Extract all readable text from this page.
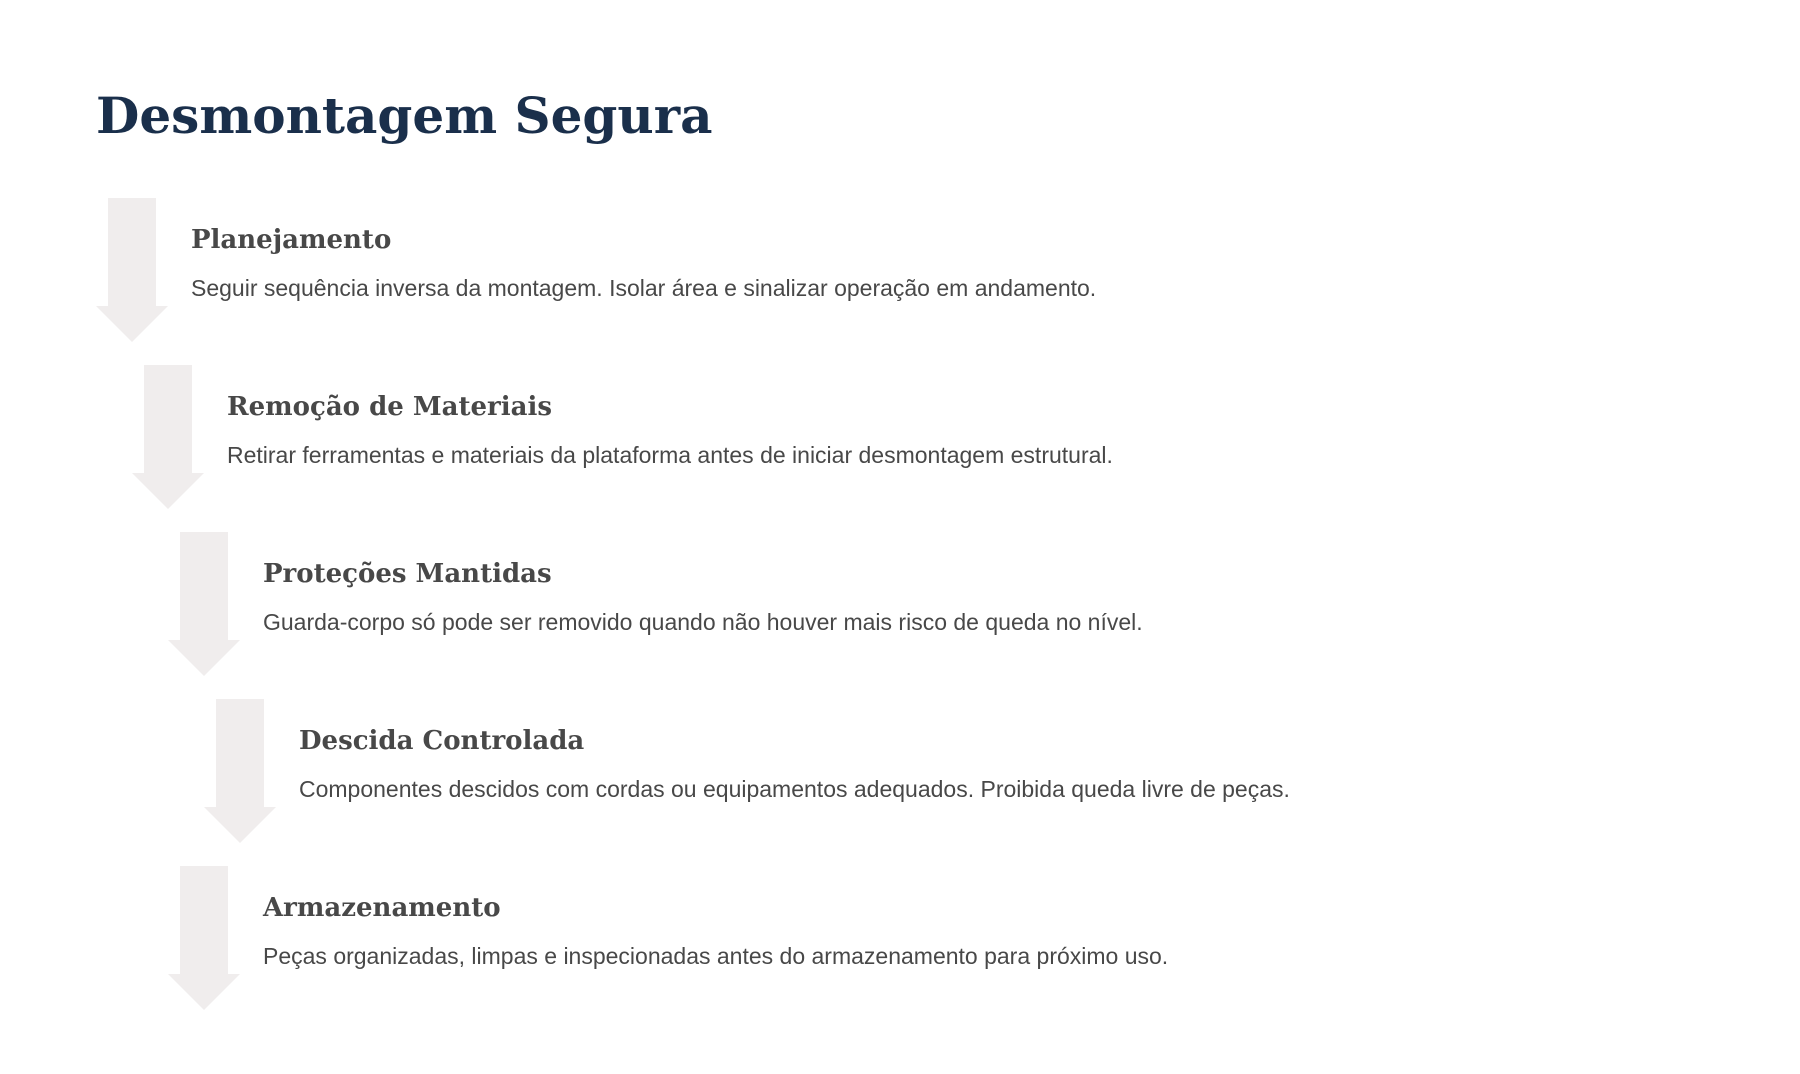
Desmontagem Segura
Planejamento
Seguir sequência inversa da montagem. Isolar área e sinalizar operação em andamento.
Remoção de Materiais
Retirar ferramentas e materiais da plataforma antes de iniciar desmontagem estrutural.
Proteções Mantidas
Guarda-corpo só pode ser removido quando não houver mais risco de queda no nível.
Descida Controlada
Componentes descidos com cordas ou equipamentos adequados. Proibida queda livre de peças.
Armazenamento
Peças organizadas, limpas e inspecionadas antes do armazenamento para próximo uso.
